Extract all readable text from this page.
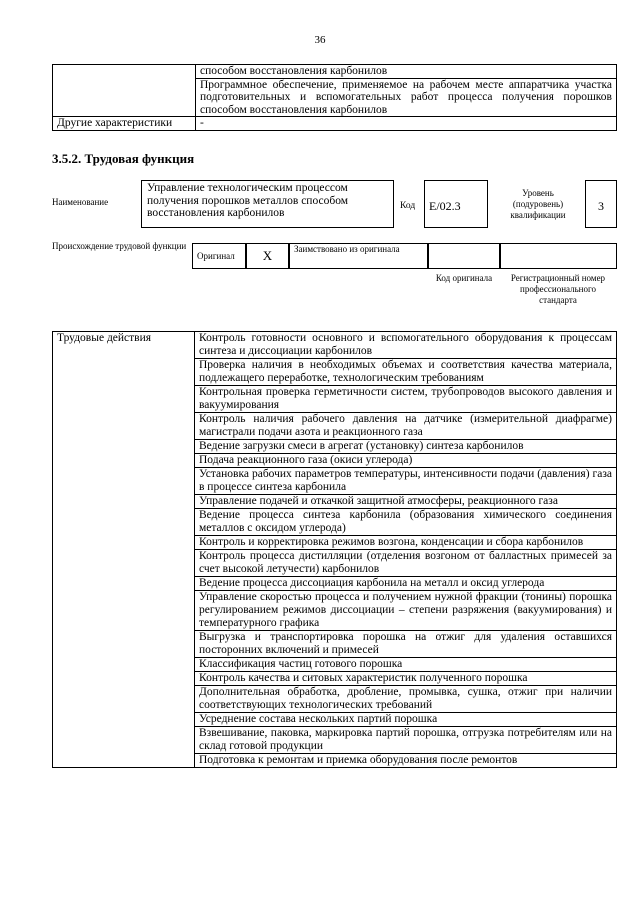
36
	способом восстановления карбонилов
	Программное обеспечение, применяемое на рабочем месте аппаратчика участка подготовительных и вспомогательных работ процесса получения порошков способом восстановления карбонилов
Другие характеристики	-
3.5.2. Трудовая функция
Наименование
Управление технологическим процессом получения порошков металлов способом восстановления карбонилов
Код	E/02.3
Уровень (подуровень) квалификации
3
Происхождение трудовой функции
Оригинал	X	Заимствовано из оригинала
Код оригинала	Регистрационный номер профессионального стандарта
Трудовые действия	Контроль готовности основного и вспомогательного оборудования к процессам синтеза и диссоциации карбонилов
Проверка наличия в необходимых объемах и соответствия качества материала, подлежащего переработке, технологическим требованиям
Контрольная проверка герметичности систем, трубопроводов высокого давления и вакуумирования
Контроль наличия рабочего давления на датчике (измерительной диафрагме) магистрали подачи азота и реакционного газа
Ведение загрузки смеси в агрегат (установку) синтеза карбонилов
Подача реакционного газа (окиси углерода)
Установка рабочих параметров температуры, интенсивности подачи (давления) газа в процессе синтеза карбонила
Управление подачей и откачкой защитной атмосферы, реакционного газа
Ведение процесса синтеза карбонила (образования химического соединения металлов с оксидом углерода)
Контроль и корректировка режимов возгона, конденсации и сбора карбонилов
Контроль процесса дистилляции (отделения возгоном от балластных примесей за счет высокой летучести) карбонилов
Ведение процесса диссоциация карбонила на металл и оксид углерода
Управление скоростью процесса и получением нужной фракции (тонины) порошка регулированием режимов диссоциации – степени разряжения (вакуумирования) и температурного графика
Выгрузка и транспортировка порошка на отжиг для удаления оставшихся посторонних включений и примесей
Классификация частиц готового порошка
Контроль качества и ситовых характеристик полученного порошка
Дополнительная обработка, дробление, промывка, сушка, отжиг при наличии соответствующих технологических требований
Усреднение состава нескольких партий порошка
Взвешивание, паковка, маркировка партий порошка, отгрузка потребителям или на склад готовой продукции
Подготовка к ремонтам и приемка оборудования после ремонтов
